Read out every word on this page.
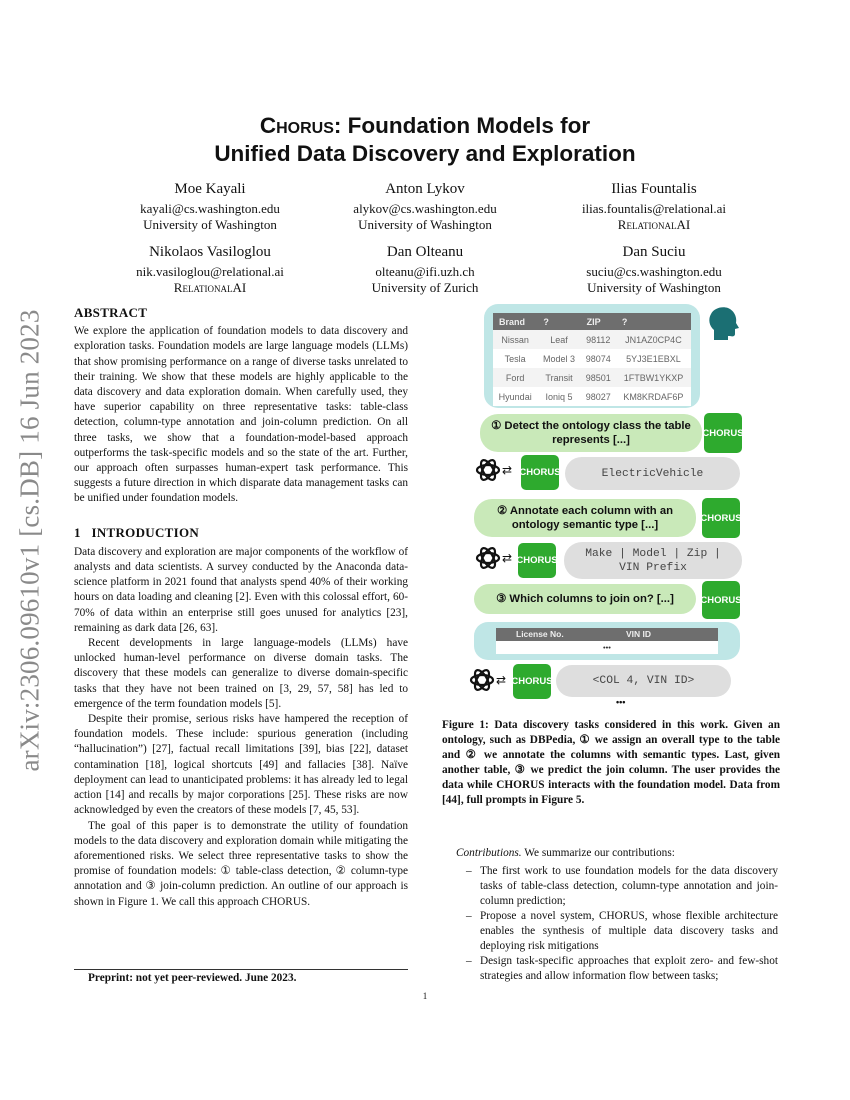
arXiv:2306.09610v1 [cs.DB] 16 Jun 2023
Chorus: Foundation Models for
Unified Data Discovery and Exploration
Moe Kayali
kayali@cs.washington.edu
University of Washington
Anton Lykov
alykov@cs.washington.edu
University of Washington
Ilias Fountalis
ilias.fountalis@relational.ai
RelationalAI
Nikolaos Vasiloglou
nik.vasiloglou@relational.ai
RelationalAI
Dan Olteanu
olteanu@ifi.uzh.ch
University of Zurich
Dan Suciu
suciu@cs.washington.edu
University of Washington
ABSTRACT

We explore the application of foundation models to data discovery and exploration tasks. Foundation models are large language models (LLMs) that show promising performance on a range of diverse tasks unrelated to their training. We show that these models are highly applicable to the data discovery and data exploration domain. When carefully used, they have superior capability on three representative tasks: table-class detection, column-type annotation and join-column prediction. On all three tasks, we show that a foundation-model-based approach outperforms the task-specific models and so the state of the art. Further, our approach often surpasses human-expert task performance. This suggests a future direction in which disparate data management tasks can be unified under foundation models.

1 INTRODUCTION

Data discovery and exploration are major components of the workflow of analysts and data scientists. A survey conducted by the Anaconda data-science platform in 2021 found that analysts spend 40% of their working hours on data loading and cleaning [2]. Even with this colossal effort, 60-70% of data within an enterprise still goes unused for analytics [23], remaining as dark data [26, 63].

Recent developments in large language-models (LLMs) have unlocked human-level performance on diverse domain tasks. The discovery that these models can generalize to diverse domain-specific tasks that they have not been trained on [3, 29, 57, 58] has led to emergence of the term foundation models [5].

Despite their promise, serious risks have hampered the reception of foundation models. These include: spurious generation (including “hallucination”) [27], factual recall limitations [39], bias [22], dataset contamination [18], logical shortcuts [49] and fallacies [38]. Naïve deployment can lead to unanticipated problems: it has already led to legal action [14] and recalls by major corporations [25]. These risks are now acknowledged by even the creators of these models [7, 45, 53].

The goal of this paper is to demonstrate the utility of foundation models to the data discovery and exploration domain while mitigating the aforementioned risks. We select three representative tasks to show the promise of foundation models: ① table-class detection, ② column-type annotation and ③ join-column prediction. An outline of our approach is shown in Figure 1. We call this approach CHORUS.

Preprint: not yet peer-reviewed. June 2023.
1
Brand	?	ZIP	?
Nissan	Leaf	98112	JN1AZ0CP4C
Tesla	Model 3	98074	5YJ3E1EBXL
Ford	Transit	98501	1FTBW1YKXP
Hyundai	Ioniq 5	98027	KM8KRDAF6P
① Detect the ontology class the table represents [...]
CHORUS
⇄ CHORUS	ElectricVehicle
② Annotate each column with an ontology semantic type [...]
CHORUS
⇄ CHORUS
Make | Model | Zip | VIN Prefix
③ Which columns to join on? [...]	CHORUS
License No.	VIN ID
•••
⇄ CHORUS	<COL 4, VIN ID>
•••
Figure 1: Data discovery tasks considered in this work. Given an ontology, such as DBPedia, ① we assign an overall type to the table and ② we annotate the columns with semantic types. Last, given another table, ③ we predict the join column. The user provides the data while CHORUS interacts with the foundation model. Data from [44], full prompts in Figure 5.
Contributions. We summarize our contributions:
– The first work to use foundation models for the data discovery tasks of table-class detection, column-type annotation and join-column prediction;
– Propose a novel system, CHORUS, whose flexible architecture enables the synthesis of multiple data discovery tasks and deploying risk mitigations
– Design task-specific approaches that exploit zero- and few-shot strategies and allow information flow between tasks;
